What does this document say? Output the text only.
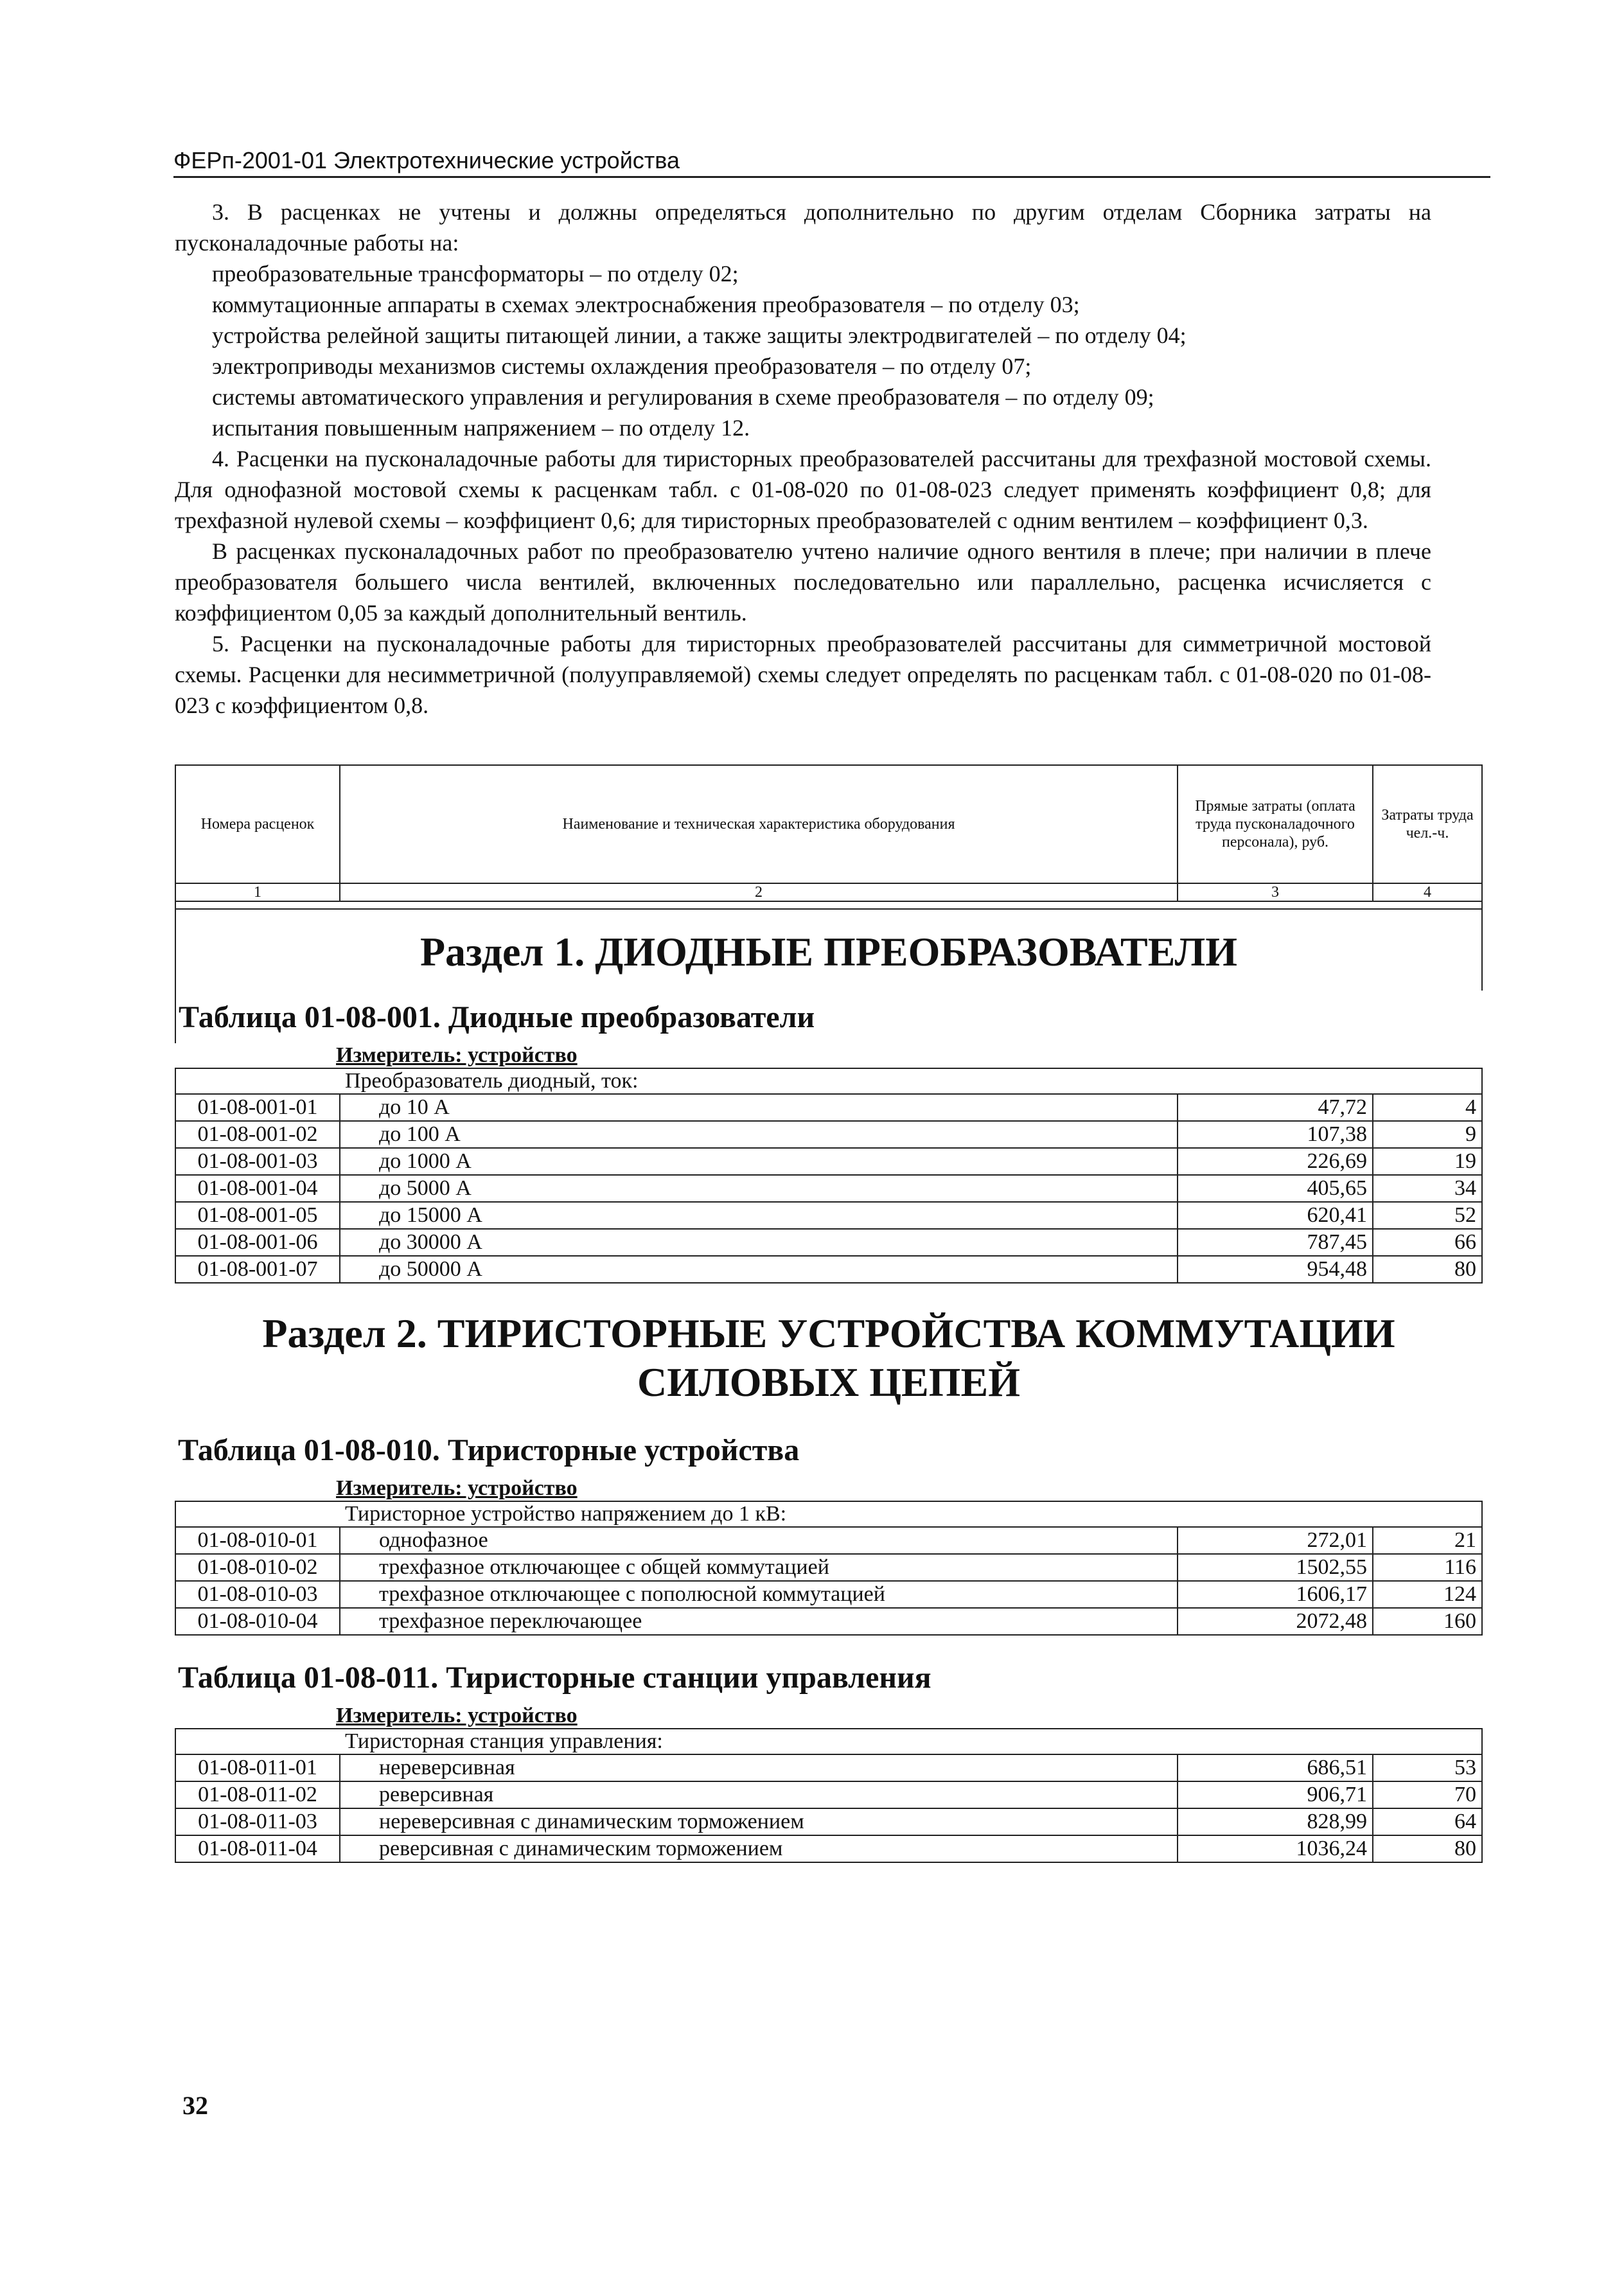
ФЕРп-2001-01 Электротехнические устройства

3. В расценках не учтены и должны определяться дополнительно по другим отделам Сборника затраты на пусконаладочные работы на:

преобразовательные трансформаторы – по отделу 02;

коммутационные аппараты в схемах электроснабжения преобразователя – по отделу 03;

устройства релейной защиты питающей линии, а также защиты электродвигателей – по отделу 04;

электроприводы механизмов системы охлаждения преобразователя – по отделу 07;

системы автоматического управления и регулирования в схеме преобразователя – по отделу 09;

испытания повышенным напряжением – по отделу 12.

4. Расценки на пусконаладочные работы для тиристорных преобразователей рассчитаны для трехфазной мостовой схемы. Для однофазной мостовой схемы к расценкам табл. с 01-08-020 по 01-08-023 следует применять коэффициент 0,8; для трехфазной нулевой схемы – коэффициент 0,6; для тиристорных преобразователей с одним вентилем – коэффициент 0,3.

В расценках пусконаладочных работ по преобразователю учтено наличие одного вентиля в плече; при наличии в плече преобразователя большего числа вентилей, включенных последовательно или параллельно, расценка исчисляется с коэффициентом 0,05 за каждый дополнительный вентиль.

5. Расценки на пусконаладочные работы для тиристорных преобразователей рассчитаны для симметричной мостовой схемы. Расценки для несимметричной (полууправляемой) схемы следует определять по расценкам табл. с 01-08-020 по 01-08-023 с коэффициентом 0,8.

Номера расценок	Наименование и техническая характеристика оборудования	Прямые затраты (оплата труда пусконаладочного персонала), руб.	Затраты труда чел.-ч.
1	2	3	4

Раздел 1. ДИОДНЫЕ ПРЕОБРАЗОВАТЕЛИ			
Таблица 01-08-001. Диодные преобразователи			
Измеритель: устройство			
	Преобразователь диодный, ток:		
01-08-001-01	до 10 А	47,72	4
01-08-001-02	до 100 А	107,38	9
01-08-001-03	до 1000 А	226,69	19
01-08-001-04	до 5000 А	405,65	34
01-08-001-05	до 15000 А	620,41	52
01-08-001-06	до 30000 А	787,45	66
01-08-001-07	до 50000 А	954,48	80
Раздел 2. ТИРИСТОРНЫЕ УСТРОЙСТВА КОММУТАЦИИ СИЛОВЫХ ЦЕПЕЙ			
Таблица 01-08-010. Тиристорные устройства			
Измеритель: устройство			
	Тиристорное устройство напряжением до 1 кВ:		
01-08-010-01	однофазное	272,01	21
01-08-010-02	трехфазное отключающее с общей коммутацией	1502,55	116
01-08-010-03	трехфазное отключающее с пополюсной коммутацией	1606,17	124
01-08-010-04	трехфазное переключающее	2072,48	160
Таблица 01-08-011. Тиристорные станции управления			
Измеритель: устройство			
	Тиристорная станция управления:		
01-08-011-01	нереверсивная	686,51	53
01-08-011-02	реверсивная	906,71	70
01-08-011-03	нереверсивная с динамическим торможением	828,99	64
01-08-011-04	реверсивная с динамическим торможением	1036,24	80
32
